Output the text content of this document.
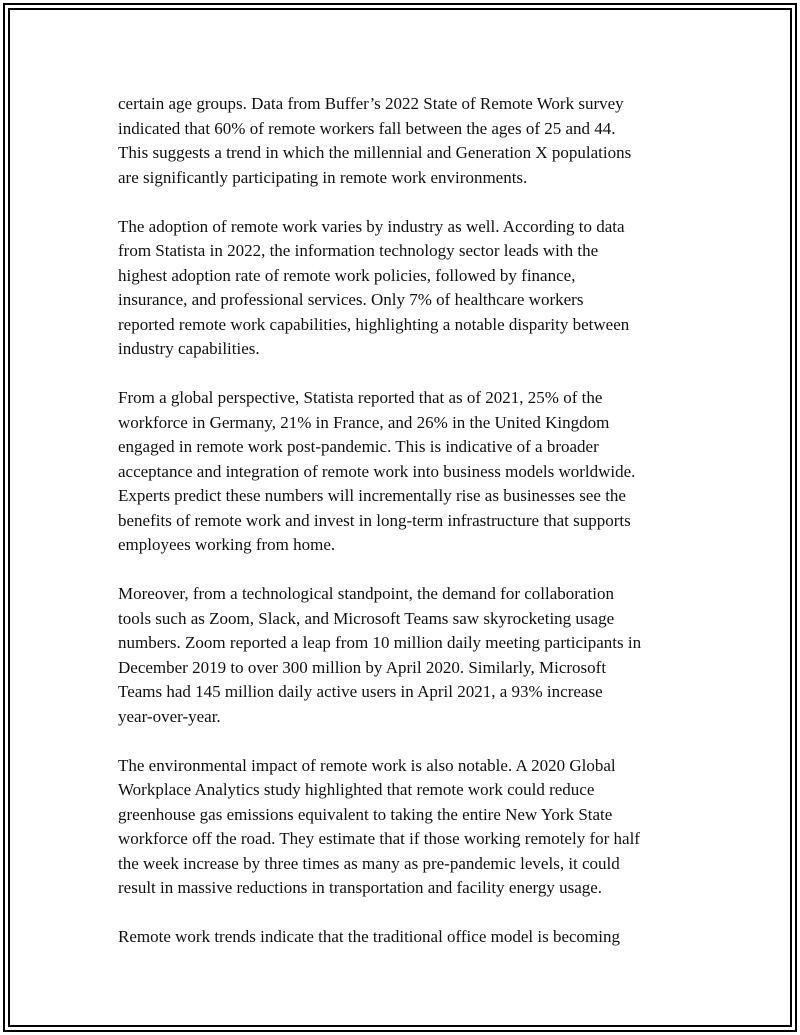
certain age groups. Data from Buffer’s 2022 State of Remote Work survey
indicated that 60% of remote workers fall between the ages of 25 and 44.
This suggests a trend in which the millennial and Generation X populations
are significantly participating in remote work environments.

The adoption of remote work varies by industry as well. According to data
from Statista in 2022, the information technology sector leads with the
highest adoption rate of remote work policies, followed by finance,
insurance, and professional services. Only 7% of healthcare workers
reported remote work capabilities, highlighting a notable disparity between
industry capabilities.

From a global perspective, Statista reported that as of 2021, 25% of the
workforce in Germany, 21% in France, and 26% in the United Kingdom
engaged in remote work post-pandemic. This is indicative of a broader
acceptance and integration of remote work into business models worldwide.
Experts predict these numbers will incrementally rise as businesses see the
benefits of remote work and invest in long-term infrastructure that supports
employees working from home.

Moreover, from a technological standpoint, the demand for collaboration
tools such as Zoom, Slack, and Microsoft Teams saw skyrocketing usage
numbers. Zoom reported a leap from 10 million daily meeting participants in
December 2019 to over 300 million by April 2020. Similarly, Microsoft
Teams had 145 million daily active users in April 2021, a 93% increase
year-over-year.

The environmental impact of remote work is also notable. A 2020 Global
Workplace Analytics study highlighted that remote work could reduce
greenhouse gas emissions equivalent to taking the entire New York State
workforce off the road. They estimate that if those working remotely for half
the week increase by three times as many as pre-pandemic levels, it could
result in massive reductions in transportation and facility energy usage.

Remote work trends indicate that the traditional office model is becoming
